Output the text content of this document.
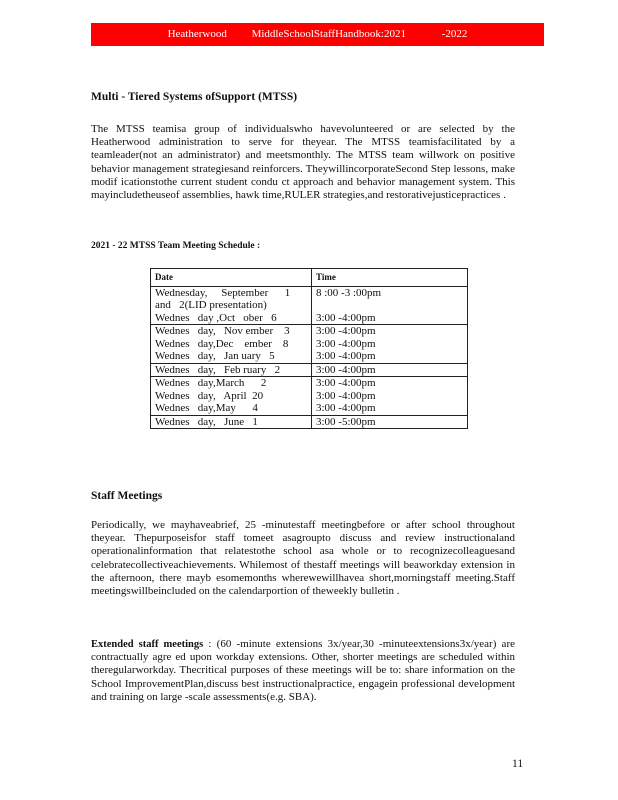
Heatherwood         MiddleSchoolStaffHandbook:2021             -2022
Multi - Tiered Systems ofSupport (MTSS)
The MTSS teamisa group of individualswho havevolunteered or are selected by the Heatherwood administration to serve for theyear. The MTSS teamisfacilitated by a teamleader(not an administrator) and meetsmonthly. The MTSS team willwork on positive behavior management strategiesand reinforcers. TheywillincorporateSecond Step lessons, make modif icationstothe current student condu ct approach and behavior management system. This mayincludetheuseof assemblies, hawk time,RULER strategies,and restorativejusticepractices .
2021 - 22 MTSS Team Meeting Schedule :
Date	Time
Wednesday,     September      1	8 :00 -3 :00pm
and   2(LID presentation)	
Wednes   day ,Oct   ober   6	3:00 -4:00pm
Wednes   day,   Nov ember    3	3:00 -4:00pm
Wednes   day,Dec    ember    8	3:00 -4:00pm
Wednes   day,   Jan uary   5	3:00 -4:00pm
Wednes   day,   Feb ruary   2	3:00 -4:00pm
Wednes   day,March      2	3:00 -4:00pm
Wednes   day,   April  20	3:00 -4:00pm
Wednes   day,May      4	3:00 -4:00pm
Wednes   day,   June   1	3:00 -5:00pm
Staff Meetings
Periodically, we mayhaveabrief, 25 -minutestaff meetingbefore or after school throughout theyear. Thepurposeisfor staff tomeet asagroupto discuss and review instructionaland operationalinformation that relatestothe school asa whole or to recognizecolleaguesand celebratecollectiveachievements. Whilemost of thestaff meetings will beaworkday extension in the afternoon, there mayb esomemonths wherewewillhavea short,morningstaff meeting.Staff meetingswillbeincluded on the calendarportion of theweekly bulletin .
Extended staff meetings : (60 -minute extensions 3x/year,30 -minuteextensions3x/year) are contractually agre ed upon workday extensions. Other, shorter meetings are scheduled within theregularworkday. Thecritical purposes of these meetings will be to: share information on the School ImprovementPlan,discuss best instructionalpractice, engagein professional development and training on large -scale assessments(e.g. SBA).
11
